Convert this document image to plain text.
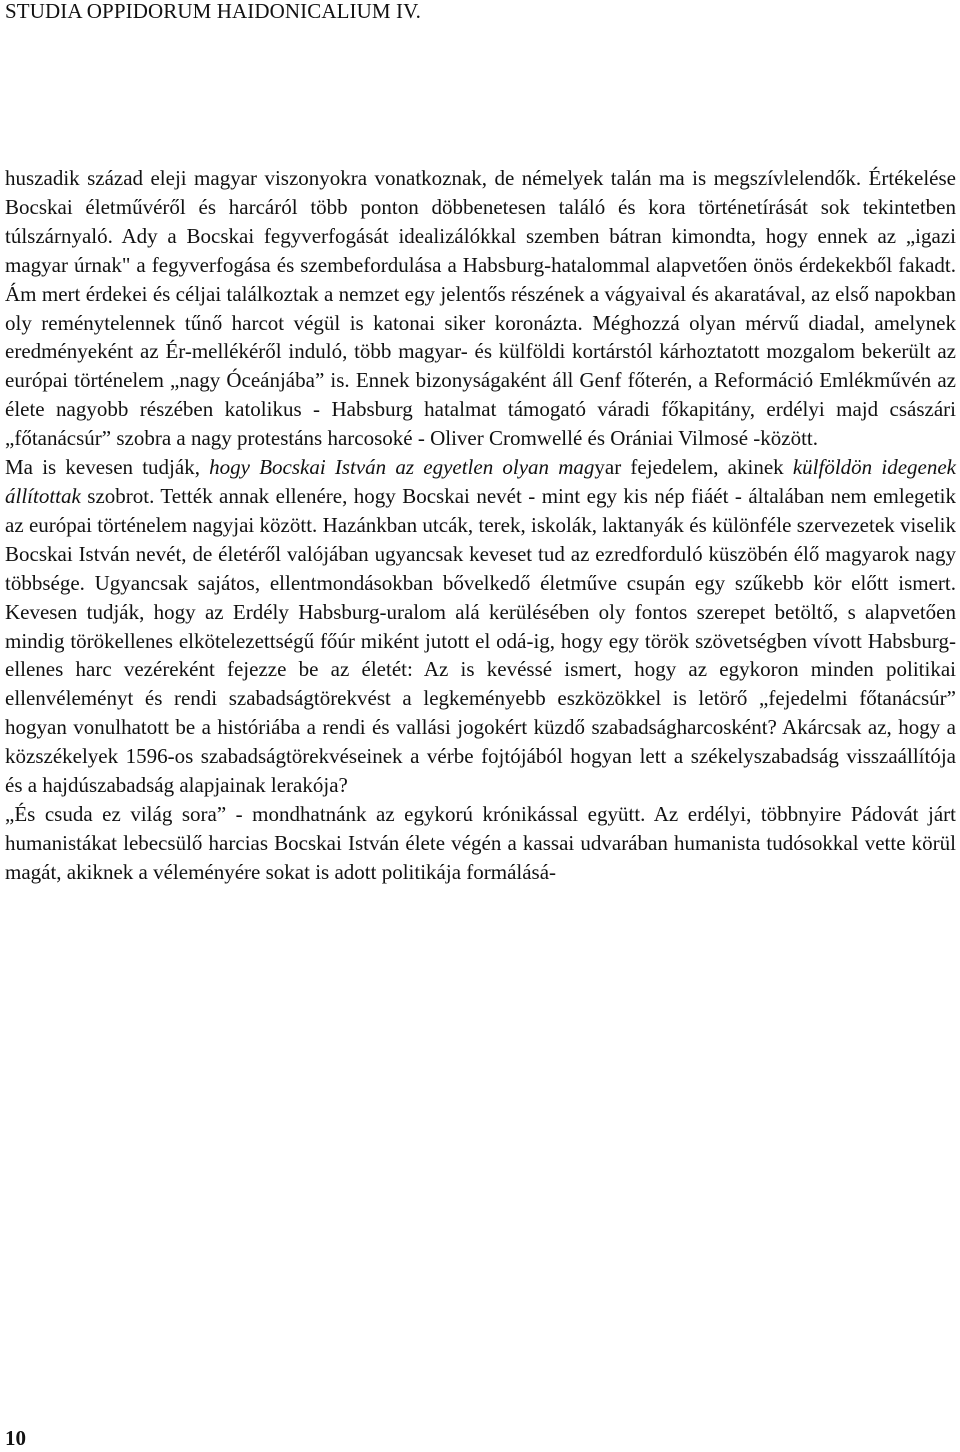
STUDIA OPPIDORUM HAIDONICALIUM IV.

huszadik század eleji magyar viszonyokra vonatkoznak, de némelyek talán ma is megszívlelendők. Értékelése Bocskai életművéről és harcáról több ponton döbbenetesen találó és kora történetírását sok tekintetben túlszárnyaló. Ady a Bocskai fegyverfogását idealizálókkal szemben bátran kimondta, hogy ennek az „igazi magyar úrnak" a fegyverfogása és szembefordulása a Habsburg-hatalommal alapvetően önös érdekekből fakadt. Ám mert érdekei és céljai találkoztak a nemzet egy jelentős részének a vágyaival és akaratával, az első napokban oly reménytelennek tűnő harcot végül is katonai siker koronázta. Méghozzá olyan mérvű diadal, amelynek eredményeként az Ér-mellékéről induló, több magyar- és külföldi kortárstól kárhoztatott mozgalom bekerült az európai történelem „nagy Óceánjába” is. Ennek bizonyságaként áll Genf főterén, a Reformáció Emlékművén az élete nagyobb részében katolikus - Habsburg hatalmat támogató váradi főkapitány, erdélyi majd császári „főtanácsúr” szobra a nagy protestáns harcosoké - Oliver Cromwellé és Orániai Vilmosé -között.

Ma is kevesen tudják, hogy Bocskai István az egyetlen olyan magyar fejedelem, akinek külföldön idegenek állítottak szobrot. Tették annak ellenére, hogy Bocskai nevét - mint egy kis nép fiáét - általában nem emlegetik az európai történelem nagyjai között. Hazánkban utcák, terek, iskolák, laktanyák és különféle szervezetek viselik Bocskai István nevét, de életéről valójában ugyancsak keveset tud az ezredforduló küszöbén élő magyarok nagy többsége. Ugyancsak sajátos, ellentmondásokban bővelkedő életműve csupán egy szűkebb kör előtt ismert. Kevesen tudják, hogy az Erdély Habsburg-uralom alá kerülésében oly fontos szerepet betöltő, s alapvetően mindig törökellenes elkötelezettségű főúr miként jutott el odá-ig, hogy egy török szövetségben vívott Habsburg-ellenes harc vezéreként fejezze be az életét: Az is kevéssé ismert, hogy az egykoron minden politikai ellenvéleményt és rendi szabadságtörekvést a legkeményebb eszközökkel is letörő „fejedelmi főtanácsúr” hogyan vonulhatott be a históriába a rendi és vallási jogokért küzdő szabadságharcosként? Akárcsak az, hogy a közszékelyek 1596-os szabadságtörekvéseinek a vérbe fojtójából hogyan lett a székelyszabadság visszaállítója és a hajdúszabadság alapjainak lerakója?

„És csuda ez világ sora” - mondhatnánk az egykorú krónikással együtt. Az erdélyi, többnyire Pádovát járt humanistákat lebecsülő harcias Bocskai István élete végén a kassai udvarában humanista tudósokkal vette körül magát, akiknek a véleményére sokat is adott politikája formálásá-

10
